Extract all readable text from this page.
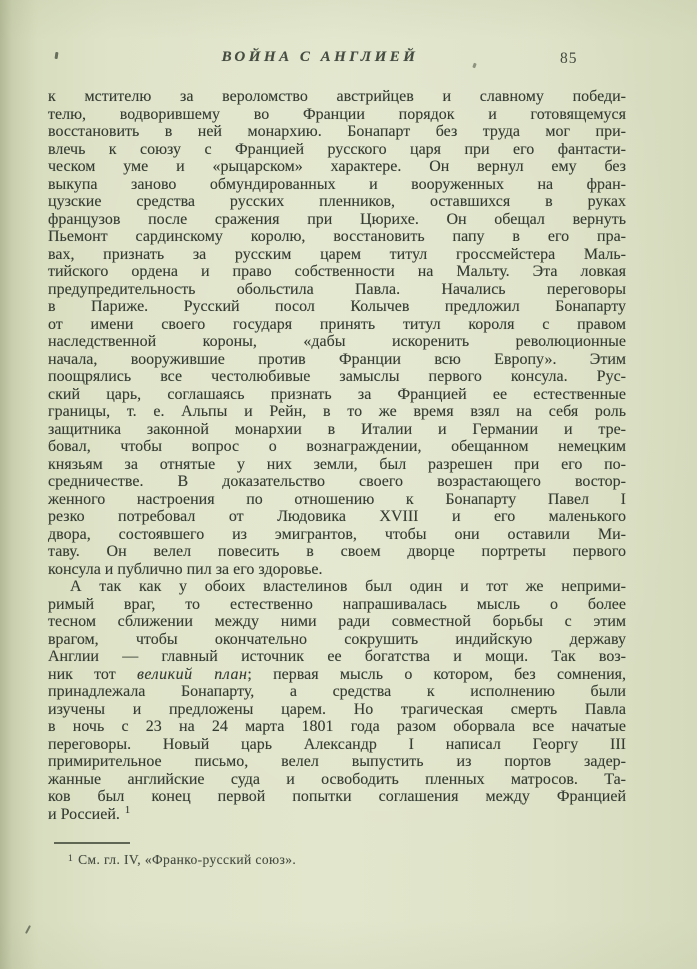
ВОЙНА С АНГЛИЕЙ	85
к мстителю за вероломство австрийцев и славному победи-
телю, водворившему во Франции порядок и готовящемуся
восстановить в ней монархию. Бонапарт без труда мог при-
влечь к союзу с Францией русского царя при его фантасти-
ческом уме и «рыцарском» характере. Он вернул ему без
выкупа заново обмундированных и вооруженных на фран-
цузские средства русских пленников, оставшихся в руках
французов после сражения при Цюрихе. Он обещал вернуть
Пьемонт сардинскому королю, восстановить папу в его пра-
вах, признать за русским царем титул гроссмейстера Маль-
тийского ордена и право собственности на Мальту. Эта ловкая
предупредительность обольстила Павла. Начались переговоры
в Париже. Русский посол Колычев предложил Бонапарту
от имени своего государя принять титул короля с правом
наследственной короны, «дабы искоренить революционные
начала, вооружившие против Франции всю Европу». Этим
поощрялись все честолюбивые замыслы первого консула. Рус-
ский царь, соглашаясь признать за Францией ее естественные
границы, т. е. Альпы и Рейн, в то же время взял на себя роль
защитника законной монархии в Италии и Германии и тре-
бовал, чтобы вопрос о вознаграждении, обещанном немецким
князьям за отнятые у них земли, был разрешен при его по-
средничестве. В доказательство своего возрастающего востор-
женного настроения по отношению к Бонапарту Павел I
резко потребовал от Людовика XVIII и его маленького
двора, состоявшего из эмигрантов, чтобы они оставили Ми-
таву. Он велел повесить в своем дворце портреты первого
консула и публично пил за его здоровье.
А так как у обоих властелинов был один и тот же неприми-
римый враг, то естественно напрашивалась мысль о более
тесном сближении между ними ради совместной борьбы с этим
врагом, чтобы окончательно сокрушить индийскую державу
Англии — главный источник ее богатства и мощи. Так воз-
ник тот великий план; первая мысль о котором, без сомнения,
принадлежала Бонапарту, а средства к исполнению были
изучены и предложены царем. Но трагическая смерть Павла
в ночь с 23 на 24 марта 1801 года разом оборвала все начатые
переговоры. Новый царь Александр I написал Георгу III
примирительное письмо, велел выпустить из портов задер-
жанные английские суда и освободить пленных матросов. Та-
ков был конец первой попытки соглашения между Францией
и Россией. $^1$
$^1$ См. гл. IV, «Франко-русский союз».
